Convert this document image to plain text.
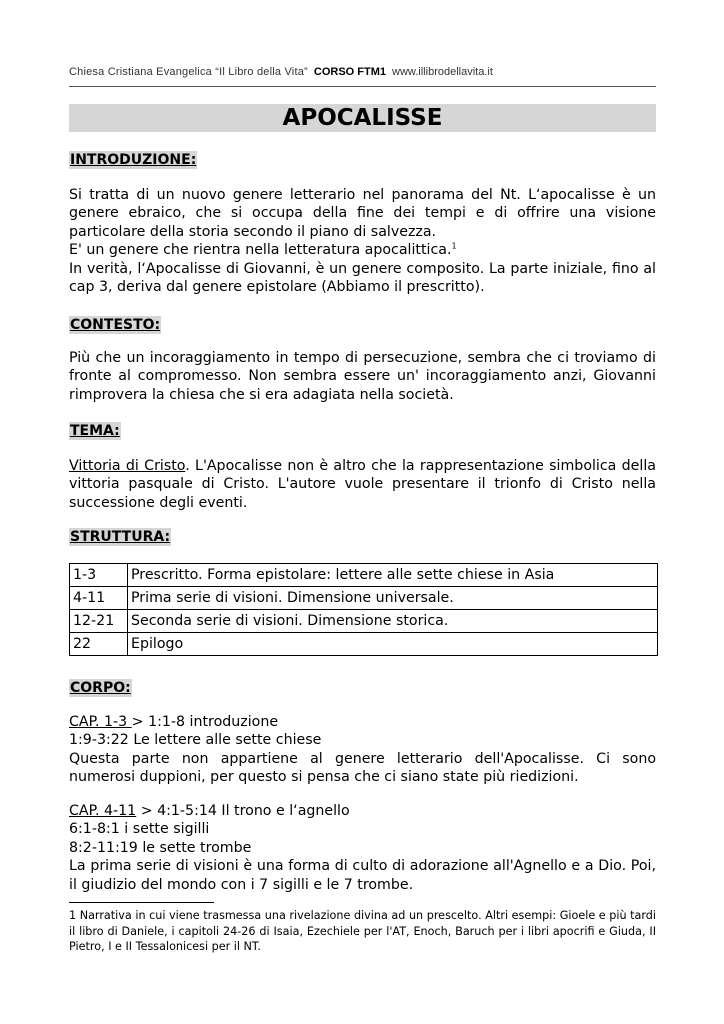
Chiesa Cristiana Evangelica “Il Libro della Vita” CORSO FTM1 www.illibrodellavita.it
APOCALISSE
INTRODUZIONE:

Si tratta di un nuovo genere letterario nel panorama del Nt. L‘apocalisse è un genere ebraico, che si occupa della fine dei tempi e di offrire una visione particolare della storia secondo il piano di salvezza.

E' un genere che rientra nella letteratura apocalittica.$^1$

In verità, l‘Apocalisse di Giovanni, è un genere composito. La parte iniziale, fino al cap 3, deriva dal genere epistolare (Abbiamo il prescritto).

CONTESTO:

Più che un incoraggiamento in tempo di persecuzione, sembra che ci troviamo di fronte al compromesso. Non sembra essere un' incoraggiamento anzi, Giovanni rimprovera la chiesa che si era adagiata nella società.

TEMA:

Vittoria di Cristo. L'Apocalisse non è altro che la rappresentazione simbolica della vittoria pasquale di Cristo. L'autore vuole presentare il trionfo di Cristo nella successione degli eventi.

STRUTTURA:
1-3	Prescritto. Forma epistolare: lettere alle sette chiese in Asia
4-11	Prima serie di visioni. Dimensione universale.
12-21	Seconda serie di visioni. Dimensione storica.
22	Epilogo
CORPO:

CAP. 1-3 > 1:1-8 introduzione

1:9-3:22 Le lettere alle sette chiese

Questa parte non appartiene al genere letterario dell'Apocalisse. Ci sono numerosi duppioni, per questo si pensa che ci siano state più riedizioni.

CAP. 4-11 > 4:1-5:14 Il trono e l‘agnello

6:1-8:1 i sette sigilli

8:2-11:19 le sette trombe

La prima serie di visioni è una forma di culto di adorazione all'Agnello e a Dio. Poi, il giudizio del mondo con i 7 sigilli e le 7 trombe.

1 Narrativa in cui viene trasmessa una rivelazione divina ad un prescelto. Altri esempi: Gioele e più tardi il libro di Daniele, i capitoli 24-26 di Isaia, Ezechiele per l'AT, Enoch, Baruch per i libri apocrifi e Giuda, II Pietro, I e II Tessalonicesi per il NT.
